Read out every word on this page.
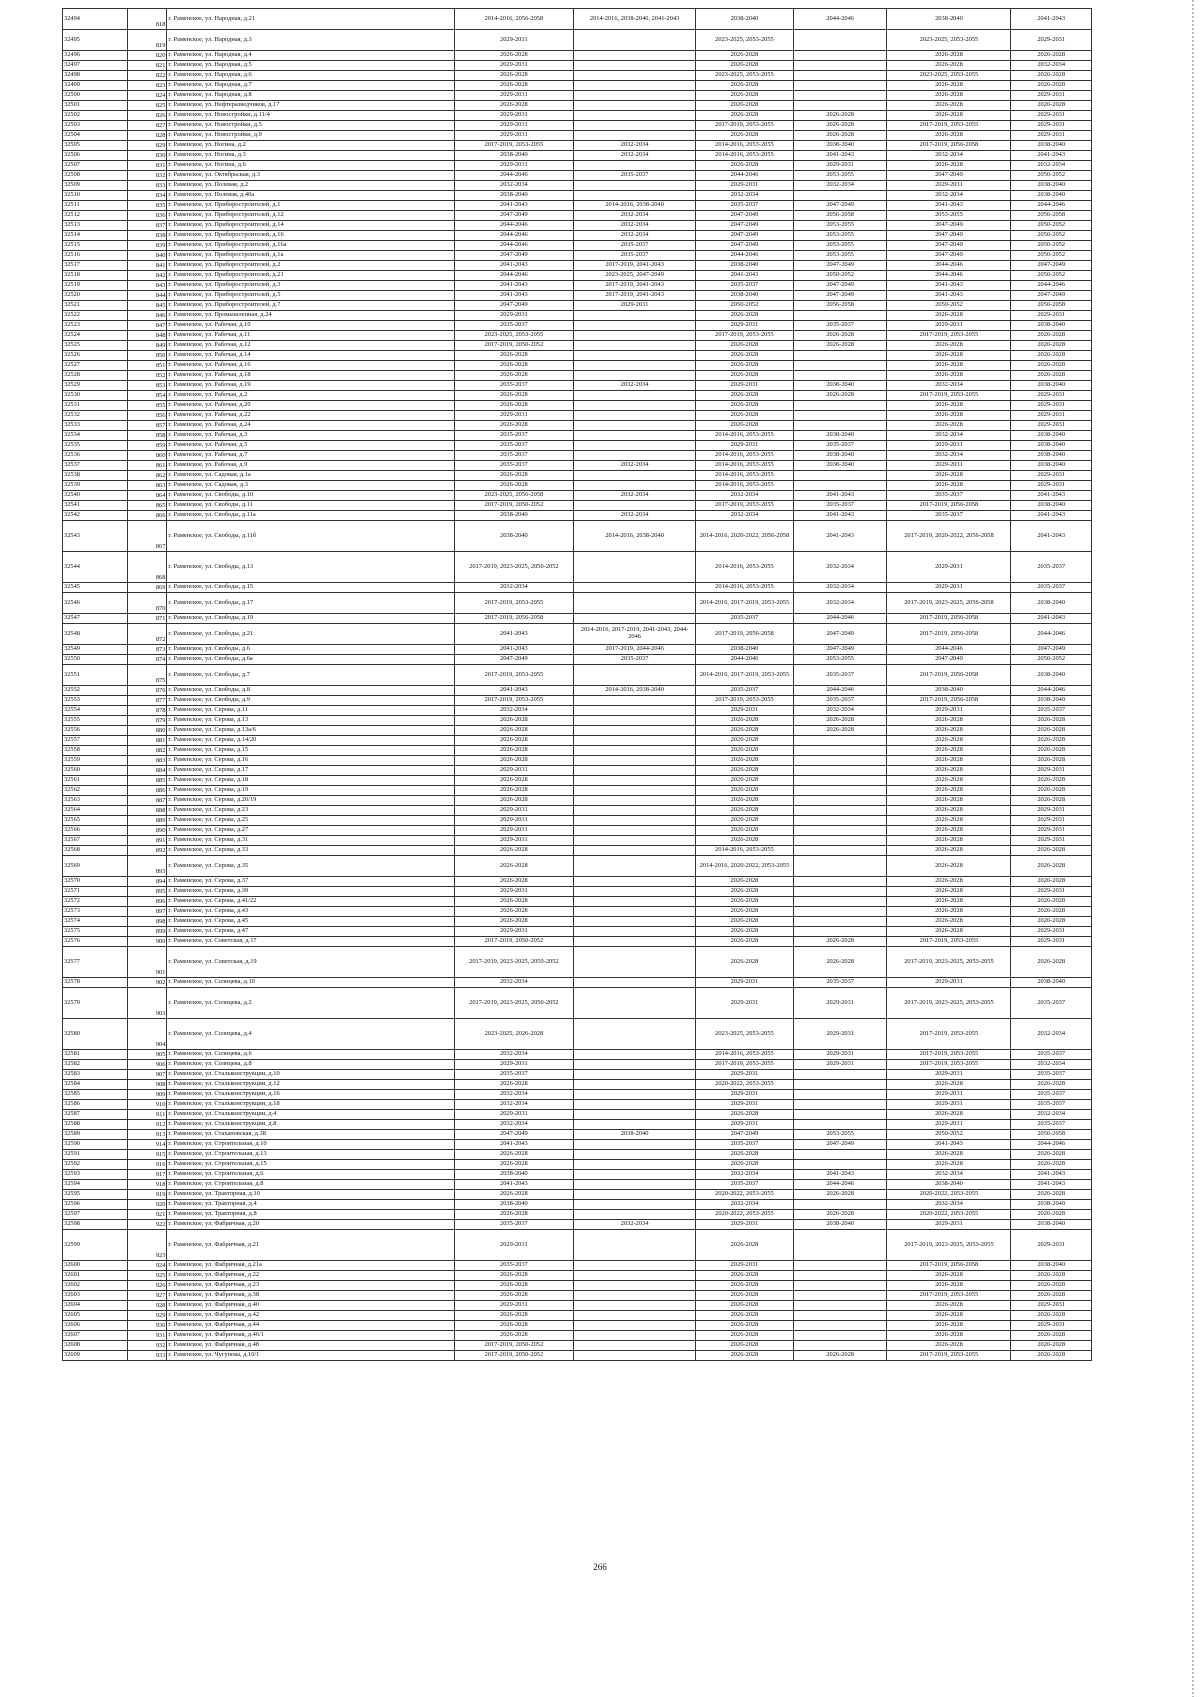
32494	818	г. Раменское, ул. Народная, д.21	2014-2016, 2056-2058	2014-2016, 2038-2040, 2041-2043	2038-2040	2044-2046	2038-2040	2041-2043
32495	819	г. Раменское, ул. Народная, д.3	2029-2031		2023-2025, 2053-2055		2023-2025, 2053-2055	2029-2031
32496	820	г. Раменское, ул. Народная, д.4	2026-2028		2026-2028		2026-2028	2026-2028
32497	821	г. Раменское, ул. Народная, д.5	2029-2031		2026-2028		2026-2028	2032-2034
32498	822	г. Раменское, ул. Народная, д.6	2026-2028		2023-2025, 2053-2055		2023-2025, 2053-2055	2026-2028
32499	823	г. Раменское, ул. Народная, д.7	2026-2028		2026-2028		2026-2028	2026-2028
32500	824	г. Раменское, ул. Народная, д.8	2029-2031		2026-2028		2026-2028	2029-2031
32501	825	г. Раменское, ул. Нефтеразведчиков, д.17	2026-2028		2026-2028		2026-2028	2026-2028
32502	826	г. Раменское, ул. Новостройки, д.11/4	2029-2031		2026-2028	2026-2028	2026-2028	2029-2031
32503	827	г. Раменское, ул. Новостройки, д.5	2029-2031		2017-2019, 2053-2055	2026-2028	2017-2019, 2053-2055	2029-2031
32504	828	г. Раменское, ул. Новостройки, д.9	2029-2031		2026-2028	2026-2028	2026-2028	2029-2031
32505	829	г. Раменское, ул. Ногина, д.2	2017-2019, 2053-2055	2032-2034	2014-2016, 2053-2055	2038-2040	2017-2019, 2056-2058	2038-2040
32506	830	г. Раменское, ул. Ногина, д.3	2038-2040	2032-2034	2014-2016, 2053-2055	2041-2043	2032-2034	2041-2043
32507	831	г. Раменское, ул. Ногина, д.6	2029-2031		2026-2028	2029-2031	2026-2028	2032-2034
32508	832	г. Раменское, ул. Октябрьская, д.3	2044-2046	2035-2037	2044-2046	2053-2055	2047-2049	2050-2052
32509	833	г. Раменское, ул. Полевая, д.2	2032-2034		2029-2031	2032-2034	2029-2031	2038-2040
32510	834	г. Раменское, ул. Полевая, д.40а	2038-2040		2032-2034		2032-2034	2038-2040
32511	835	г. Раменское, ул. Приборостроителей, д.1	2041-2043	2014-2016, 2038-2040	2035-2037	2047-2049	2041-2043	2044-2046
32512	836	г. Раменское, ул. Приборостроителей, д.12	2047-2049	2032-2034	2047-2049	2056-2058	2053-2055	2056-2058
32513	837	г. Раменское, ул. Приборостроителей, д.14	2044-2046	2032-2034	2047-2049	2053-2055	2047-2049	2050-2052
32514	838	г. Раменское, ул. Приборостроителей, д.16	2044-2046	2032-2034	2047-2049	2053-2055	2047-2049	2050-2052
32515	839	г. Раменское, ул. Приборостроителей, д.16а	2044-2046	2035-2037	2047-2049	2053-2055	2047-2049	2050-2052
32516	840	г. Раменское, ул. Приборостроителей, д.1а	2047-2049	2035-2037	2044-2046	2053-2055	2047-2049	2050-2052
32517	841	г. Раменское, ул. Приборостроителей, д.2	2041-2043	2017-2019, 2041-2043	2038-2040	2047-2049	2044-2046	2047-2049
32518	842	г. Раменское, ул. Приборостроителей, д.21	2044-2046	2023-2025, 2047-2049	2041-2043	2050-2052	2044-2046	2050-2052
32519	843	г. Раменское, ул. Приборостроителей, д.3	2041-2043	2017-2019, 2041-2043	2035-2037	2047-2049	2041-2043	2044-2046
32520	844	г. Раменское, ул. Приборостроителей, д.5	2041-2043	2017-2019, 2041-2043	2038-2040	2047-2049	2041-2043	2047-2049
32521	845	г. Раменское, ул. Приборостроителей, д.7	2047-2049	2029-2031	2050-2052	2056-2058	2050-2052	2056-2058
32522	846	г. Раменское, ул. Промышленная, д.24	2029-2031		2026-2028		2026-2028	2029-2031
32523	847	г. Раменское, ул. Рабочая, д.10	2035-2037		2029-2031	2035-2037	2029-2031	2038-2040
32524	848	г. Раменское, ул. Рабочая, д.11	2023-2025, 2053-2055		2017-2019, 2053-2055	2026-2028	2017-2019, 2053-2055	2026-2028
32525	849	г. Раменское, ул. Рабочая, д.12	2017-2019, 2050-2052		2026-2028	2026-2028	2026-2028	2026-2028
32526	850	г. Раменское, ул. Рабочая, д.14	2026-2028		2026-2028		2026-2028	2026-2028
32527	851	г. Раменское, ул. Рабочая, д.16	2026-2028		2026-2028		2026-2028	2026-2028
32528	852	г. Раменское, ул. Рабочая, д.18	2026-2028		2026-2028		2026-2028	2026-2028
32529	853	г. Раменское, ул. Рабочая, д.19	2035-2037	2032-2034	2029-2031	2038-2040	2032-2034	2038-2040
32530	854	г. Раменское, ул. Рабочая, д.2	2026-2028		2026-2028	2026-2028	2017-2019, 2053-2055	2029-2031
32531	855	г. Раменское, ул. Рабочая, д.20	2026-2028		2026-2028		2026-2028	2029-2031
32532	856	г. Раменское, ул. Рабочая, д.22	2029-2031		2026-2028		2026-2028	2029-2031
32533	857	г. Раменское, ул. Рабочая, д.24	2026-2028		2026-2028		2026-2028	2029-2031
32534	858	г. Раменское, ул. Рабочая, д.3	2035-2037		2014-2016, 2053-2055	2038-2040	2032-2034	2038-2040
32535	859	г. Раменское, ул. Рабочая, д.5	2035-2037		2029-2031	2035-2037	2029-2031	2038-2040
32536	860	г. Раменское, ул. Рабочая, д.7	2035-2037		2014-2016, 2053-2055	2038-2040	2032-2034	2038-2040
32537	861	г. Раменское, ул. Рабочая, д.9	2035-2037	2032-2034	2014-2016, 2053-2055	2038-2040	2029-2031	2038-2040
32538	862	г. Раменское, ул. Садовая, д.1а	2026-2028		2014-2016, 2053-2055		2026-2028	2029-2031
32539	863	г. Раменское, ул. Садовая, д.3	2026-2028		2014-2016, 2053-2055		2026-2028	2029-2031
32540	864	г. Раменское, ул. Свободы, д.10	2023-2025, 2056-2058	2032-2034	2032-2034	2041-2043	2035-2037	2041-2043
32541	865	г. Раменское, ул. Свободы, д.11	2017-2019, 2050-2052		2017-2019, 2053-2055	2035-2037	2017-2019, 2056-2058	2038-2040
32542	866	г. Раменское, ул. Свободы, д.11а	2038-2040	2032-2034	2032-2034	2041-2043	2035-2037	2041-2043
32543	867	г. Раменское, ул. Свободы, д.11б	2038-2040	2014-2016, 2038-2040	2014-2016, 2020-2022, 2056-2058	2041-2043	2017-2019, 2020-2022, 2056-2058	2041-2043
32544	868	г. Раменское, ул. Свободы, д.13	2017-2019, 2023-2025, 2050-2052		2014-2016, 2053-2055	2032-2034	2029-2031	2035-2037
32545	869	г. Раменское, ул. Свободы, д.15	2032-2034		2014-2016, 2053-2055	2032-2034	2029-2031	2035-2037
32546	870	г. Раменское, ул. Свободы, д.17	2017-2019, 2053-2055		2014-2016, 2017-2019, 2053-2055	2032-2034	2017-2019, 2023-2025, 2056-2058	2038-2040
32547	871	г. Раменское, ул. Свободы, д.19	2017-2019, 2056-2058		2035-2037	2044-2046	2017-2019, 2056-2058	2041-2043
32548	872	г. Раменское, ул. Свободы, д.21	2041-2043	2014-2016, 2017-2019, 2041-2043, 2044-2046	2017-2019, 2056-2058	2047-2049	2017-2019, 2056-2058	2044-2046
32549	873	г. Раменское, ул. Свободы, д.6	2041-2043	2017-2019, 2044-2046	2038-2040	2047-2049	2044-2046	2047-2049
32550	874	г. Раменское, ул. Свободы, д.6а	2047-2049	2035-2037	2044-2046	2053-2055	2047-2049	2050-2052
32551	875	г. Раменское, ул. Свободы, д.7	2017-2019, 2053-2055		2014-2016, 2017-2019, 2053-2055	2035-2037	2017-2019, 2056-2058	2038-2040
32552	876	г. Раменское, ул. Свободы, д.8	2041-2043	2014-2016, 2038-2040	2035-2037	2044-2046	2038-2040	2044-2046
32553	877	г. Раменское, ул. Свободы, д.9	2017-2019, 2053-2055		2017-2019, 2053-2055	2035-2037	2017-2019, 2056-2058	2038-2040
32554	878	г. Раменское, ул. Серова, д.11	2032-2034		2029-2031	2032-2034	2029-2031	2035-2037
32555	879	г. Раменское, ул. Серова, д.13	2026-2028		2026-2028	2026-2028	2026-2028	2026-2028
32556	880	г. Раменское, ул. Серова, д.13а/6	2026-2028		2026-2028	2026-2028	2026-2028	2026-2028
32557	881	г. Раменское, ул. Серова, д.14/20	2026-2028		2026-2028		2026-2028	2026-2028
32558	882	г. Раменское, ул. Серова, д.15	2026-2028		2026-2028		2026-2028	2026-2028
32559	883	г. Раменское, ул. Серова, д.16	2026-2028		2026-2028		2026-2028	2026-2028
32560	884	г. Раменское, ул. Серова, д.17	2029-2031		2026-2028		2026-2028	2029-2031
32561	885	г. Раменское, ул. Серова, д.18	2026-2028		2026-2028		2026-2028	2026-2028
32562	886	г. Раменское, ул. Серова, д.19	2026-2028		2026-2028		2026-2028	2026-2028
32563	887	г. Раменское, ул. Серова, д.20/19	2026-2028		2026-2028		2026-2028	2026-2028
32564	888	г. Раменское, ул. Серова, д.23	2029-2031		2026-2028		2026-2028	2029-2031
32565	889	г. Раменское, ул. Серова, д.25	2029-2031		2026-2028		2026-2028	2029-2031
32566	890	г. Раменское, ул. Серова, д.27	2029-2031		2026-2028		2026-2028	2029-2031
32567	891	г. Раменское, ул. Серова, д.31	2029-2031		2026-2028		2026-2028	2029-2031
32568	892	г. Раменское, ул. Серова, д.33	2026-2028		2014-2016, 2053-2055		2026-2028	2026-2028
32569	893	г. Раменское, ул. Серова, д.35	2026-2028		2014-2016, 2020-2022, 2053-2055		2026-2028	2026-2028
32570	894	г. Раменское, ул. Серова, д.37	2026-2028		2026-2028		2026-2028	2026-2028
32571	895	г. Раменское, ул. Серова, д.39	2029-2031		2026-2028		2026-2028	2029-2031
32572	896	г. Раменское, ул. Серова, д.41/22	2026-2028		2026-2028		2026-2028	2026-2028
32573	897	г. Раменское, ул. Серова, д.43	2026-2028		2026-2028		2026-2028	2026-2028
32574	898	г. Раменское, ул. Серова, д.45	2026-2028		2026-2028		2026-2028	2026-2028
32575	899	г. Раменское, ул. Серова, д.47	2029-2031		2026-2028		2026-2028	2029-2031
32576	900	г. Раменское, ул. Советская, д.17	2017-2019, 2050-2052		2026-2028	2026-2028	2017-2019, 2053-2055	2029-2031
32577	901	г. Раменское, ул. Советская, д.19	2017-2019, 2023-2025, 2050-2052		2026-2028	2026-2028	2017-2019, 2023-2025, 2053-2055	2026-2028
32578	902	г. Раменское, ул. Солнцева, д.10	2032-2034		2029-2031	2035-2037	2029-2031	2038-2040
32579	903	г. Раменское, ул. Солнцева, д.2	2017-2019, 2023-2025, 2050-2052		2029-2031	2029-2031	2017-2019, 2023-2025, 2053-2055	2035-2037
32580	904	г. Раменское, ул. Солнцева, д.4	2023-2025, 2026-2028		2023-2025, 2053-2055	2029-2031	2017-2019, 2053-2055	2032-2034
32581	905	г. Раменское, ул. Солнцева, д.6	2032-2034		2014-2016, 2053-2055	2029-2031	2017-2019, 2053-2055	2035-2037
32582	906	г. Раменское, ул. Солнцева, д.8	2029-2031		2017-2019, 2053-2055	2029-2031	2017-2019, 2053-2055	2032-2034
32583	907	г. Раменское, ул. Стальконструкции, д.10	2035-2037		2029-2031		2029-2031	2035-2037
32584	908	г. Раменское, ул. Стальконструкции, д.12	2026-2028		2020-2022, 2053-2055		2026-2028	2026-2028
32585	909	г. Раменское, ул. Стальконструкции, д.16	2032-2034		2029-2031		2029-2031	2035-2037
32586	910	г. Раменское, ул. Стальконструкции, д.18	2032-2034		2029-2031		2029-2031	2035-2037
32587	911	г. Раменское, ул. Стальконструкции, д.4	2029-2031		2026-2028		2026-2028	2032-2034
32588	912	г. Раменское, ул. Стальконструкции, д.8	2032-2034		2029-2031		2029-2031	2035-2037
32589	913	г. Раменское, ул. Стахановская, д.38	2047-2049	2038-2040	2047-2049	2053-2055	2050-2052	2056-2058
32590	914	г. Раменское, ул. Строительная, д.10	2041-2043		2035-2037	2047-2049	2041-2043	2044-2046
32591	915	г. Раменское, ул. Строительная, д.13	2026-2028		2026-2028		2026-2028	2026-2028
32592	916	г. Раменское, ул. Строительная, д.15	2026-2028		2026-2028		2026-2028	2026-2028
32593	917	г. Раменское, ул. Строительная, д.6	2038-2040		2032-2034	2041-2043	2032-2034	2041-2043
32594	918	г. Раменское, ул. Строительная, д.8	2041-2043		2035-2037	2044-2046	2038-2040	2041-2043
32595	919	г. Раменское, ул. Тракторная, д.10	2026-2028		2020-2022, 2053-2055	2026-2028	2020-2022, 2053-2055	2026-2028
32596	920	г. Раменское, ул. Тракторная, д.4	2038-2040		2032-2034		2032-2034	2038-2040
32597	921	г. Раменское, ул. Тракторная, д.8	2026-2028		2020-2022, 2053-2055	2026-2028	2020-2022, 2053-2055	2026-2028
32598	922	г. Раменское, ул. Фабричная, д.20	2035-2037	2032-2034	2029-2031	2038-2040	2029-2031	2038-2040
32599	923	г. Раменское, ул. Фабричная, д.21	2029-2031		2026-2028		2017-2019, 2023-2025, 2053-2055	2029-2031
32600	924	г. Раменское, ул. Фабричная, д.21а	2035-2037		2029-2031		2017-2019, 2056-2058	2038-2040
32601	925	г. Раменское, ул. Фабричная, д.22	2026-2028		2026-2028		2026-2028	2026-2028
32602	926	г. Раменское, ул. Фабричная, д.23	2026-2028		2026-2028		2026-2028	2026-2028
32603	927	г. Раменское, ул. Фабричная, д.38	2026-2028		2026-2028		2017-2019, 2053-2055	2026-2028
32604	928	г. Раменское, ул. Фабричная, д.40	2029-2031		2026-2028		2026-2028	2029-2031
32605	929	г. Раменское, ул. Фабричная, д.42	2026-2028		2026-2028		2026-2028	2026-2028
32606	930	г. Раменское, ул. Фабричная, д.44	2026-2028		2026-2028		2026-2028	2029-2031
32607	931	г. Раменское, ул. Фабричная, д.46/1	2026-2028		2026-2028		2026-2028	2026-2028
32608	932	г. Раменское, ул. Фабричная, д.48	2017-2019, 2050-2052		2026-2028		2026-2028	2026-2028
32609	933	г. Раменское, ул. Чугунова, д.10/1	2017-2019, 2050-2052		2026-2028	2026-2028	2017-2019, 2053-2055	2026-2028
266
